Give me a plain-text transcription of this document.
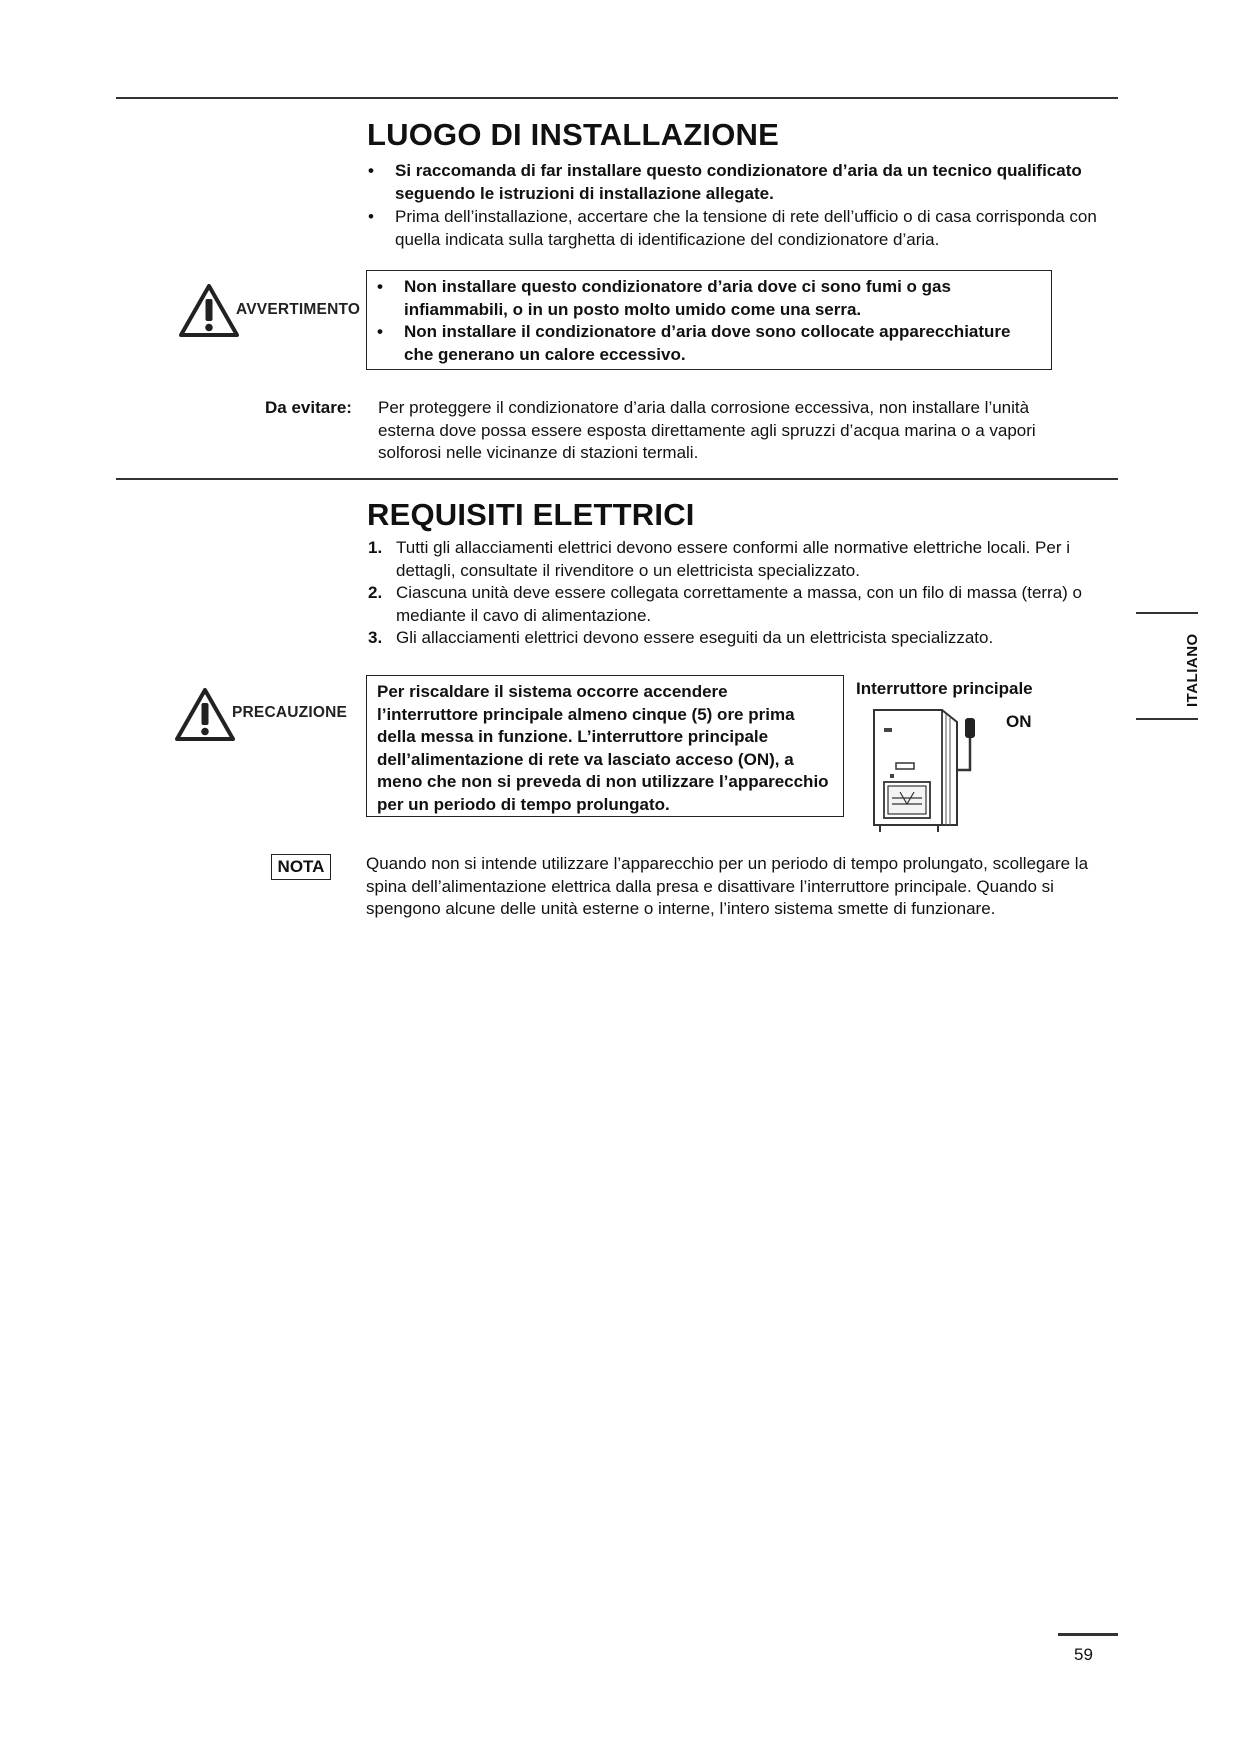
LUOGO DI INSTALLAZIONE
• Si raccomanda di far installare questo condizionatore d’aria da un tecnico qualificato seguendo le istruzioni di installazione allegate.
• Prima dell’installazione, accertare che la tensione di rete dell’ufficio o di casa corrisponda con quella indicata sulla targhetta di identificazione del condizionatore d’aria.
AVVERTIMENTO
• Non installare questo condizionatore d’aria dove ci sono fumi o gas infiammabili, o in un posto molto umido come una serra.
• Non installare il condizionatore d’aria dove sono collocate apparecchiature che generano un calore eccessivo.
Da evitare: Per proteggere il condizionatore d’aria dalla corrosione eccessiva, non installare l’unità esterna dove possa essere esposta direttamente agli spruzzi d’acqua marina o a vapori solforosi nelle vicinanze di stazioni termali.
REQUISITI ELETTRICI
1. Tutti gli allacciamenti elettrici devono essere conformi alle normative elettriche locali. Per i dettagli, consultate il rivenditore o un elettricista specializzato.
2. Ciascuna unità deve essere collegata correttamente a massa, con un filo di massa (terra) o mediante il cavo di alimentazione.
3. Gli allacciamenti elettrici devono essere eseguiti da un elettricista specializzato.	ITALIANO
PRECAUZIONE
Per riscaldare il sistema occorre accendere l’interruttore principale almeno cinque (5) ore prima della messa in funzione. L’interruttore principale dell’alimentazione di rete va lasciato acceso (ON), a meno che non si preveda di non utilizzare l’apparecchio per un periodo di tempo prolungato.
Interruttore principale
ON
NOTA	Quando non si intende utilizzare l’apparecchio per un periodo di tempo prolungato, scollegare la spina dell’alimentazione elettrica dalla presa e disattivare l’interruttore principale. Quando si spengono alcune delle unità esterne o interne, l’intero sistema smette di funzionare.
59
